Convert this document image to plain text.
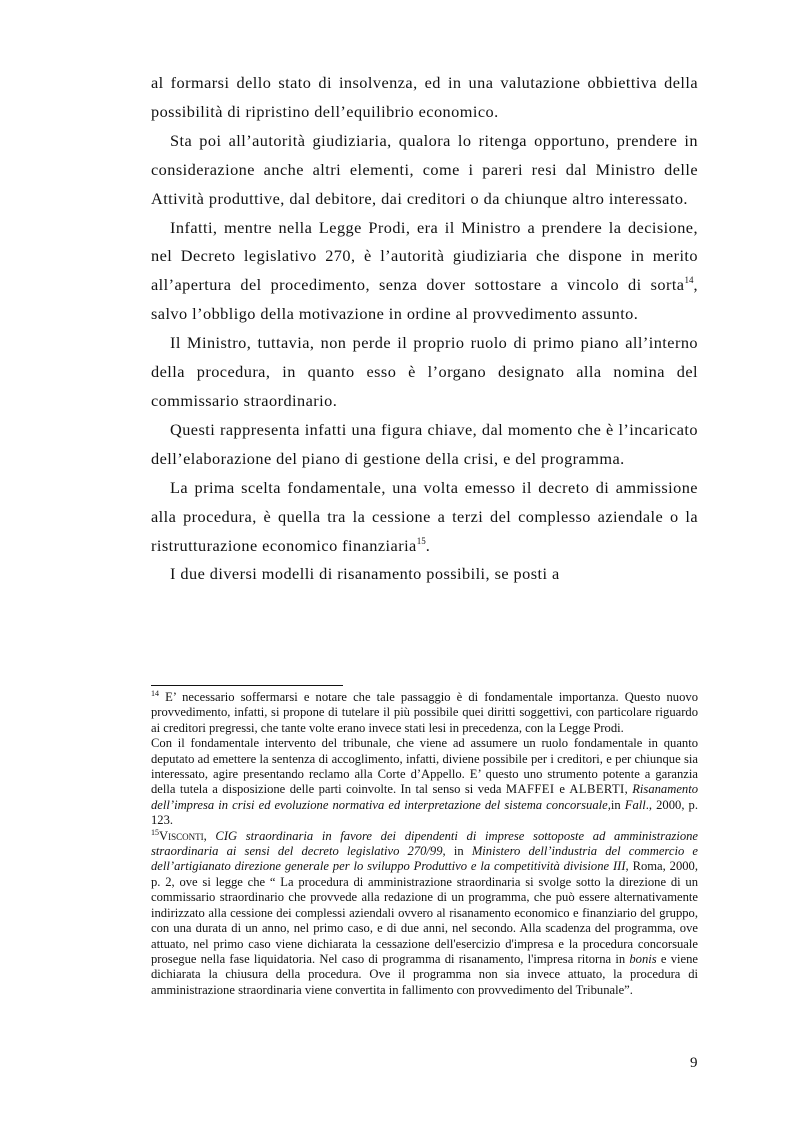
al formarsi dello stato di insolvenza, ed in una valutazione obbiettiva della possibilità di ripristino dell’equilibrio economico.

Sta poi all’autorità giudiziaria, qualora lo ritenga opportuno, prendere in considerazione anche altri elementi, come i pareri resi dal Ministro delle Attività produttive, dal debitore, dai creditori o da chiunque altro interessato.

Infatti, mentre nella Legge Prodi, era il Ministro a prendere la decisione, nel Decreto legislativo 270, è l’autorità giudiziaria che dispone in merito all’apertura del procedimento, senza dover sottostare a vincolo di sorta$^{14}$, salvo l’obbligo della motivazione in ordine al provvedimento assunto.

Il Ministro, tuttavia, non perde il proprio ruolo di primo piano all’interno della procedura, in quanto esso è l’organo designato alla nomina del commissario straordinario.

Questi rappresenta infatti una figura chiave, dal momento che è l’incaricato dell’elaborazione del piano di gestione della crisi, e del programma.

La prima scelta fondamentale, una volta emesso il decreto di ammissione alla procedura, è quella tra la cessione a terzi del complesso aziendale o la ristrutturazione economico finanziaria$^{15}$.

I due diversi modelli di risanamento possibili, se posti a

$^{14}$ E’ necessario soffermarsi e notare che tale passaggio è di fondamentale importanza. Questo nuovo provvedimento, infatti, si propone di tutelare il più possibile quei diritti soggettivi, con particolare riguardo ai creditori pregressi, che tante volte erano invece stati lesi in precedenza, con la Legge Prodi.

Con il fondamentale intervento del tribunale, che viene ad assumere un ruolo fondamentale in quanto deputato ad emettere la sentenza di accoglimento, infatti, diviene possibile per i creditori, e per chiunque sia interessato, agire presentando reclamo alla Corte d’Appello. E’ questo uno strumento potente a garanzia della tutela a disposizione delle parti coinvolte. In tal senso si veda MAFFEI e ALBERTI, Risanamento dell’impresa in crisi ed evoluzione normativa ed interpretazione del sistema concorsuale,in Fall., 2000, p. 123.

$^{15}$Visconti, CIG straordinaria in favore dei dipendenti di imprese sottoposte ad amministrazione straordinaria ai sensi del decreto legislativo 270/99, in Ministero dell’industria del commercio e dell’artigianato direzione generale per lo sviluppo Produttivo e la competitività divisione III, Roma, 2000, p. 2, ove si legge che “ La procedura di amministrazione straordinaria si svolge sotto la direzione di un commissario straordinario che provvede alla redazione di un programma, che può essere alternativamente indirizzato alla cessione dei complessi aziendali ovvero al risanamento economico e finanziario del gruppo, con una durata di un anno, nel primo caso, e di due anni, nel secondo. Alla scadenza del programma, ove attuato, nel primo caso viene dichiarata la cessazione dell'esercizio d'impresa e la procedura concorsuale prosegue nella fase liquidatoria. Nel caso di programma di risanamento, l'impresa ritorna in bonis e viene dichiarata la chiusura della procedura. Ove il programma non sia invece attuato, la procedura di amministrazione straordinaria viene convertita in fallimento con provvedimento del Tribunale”.

9
